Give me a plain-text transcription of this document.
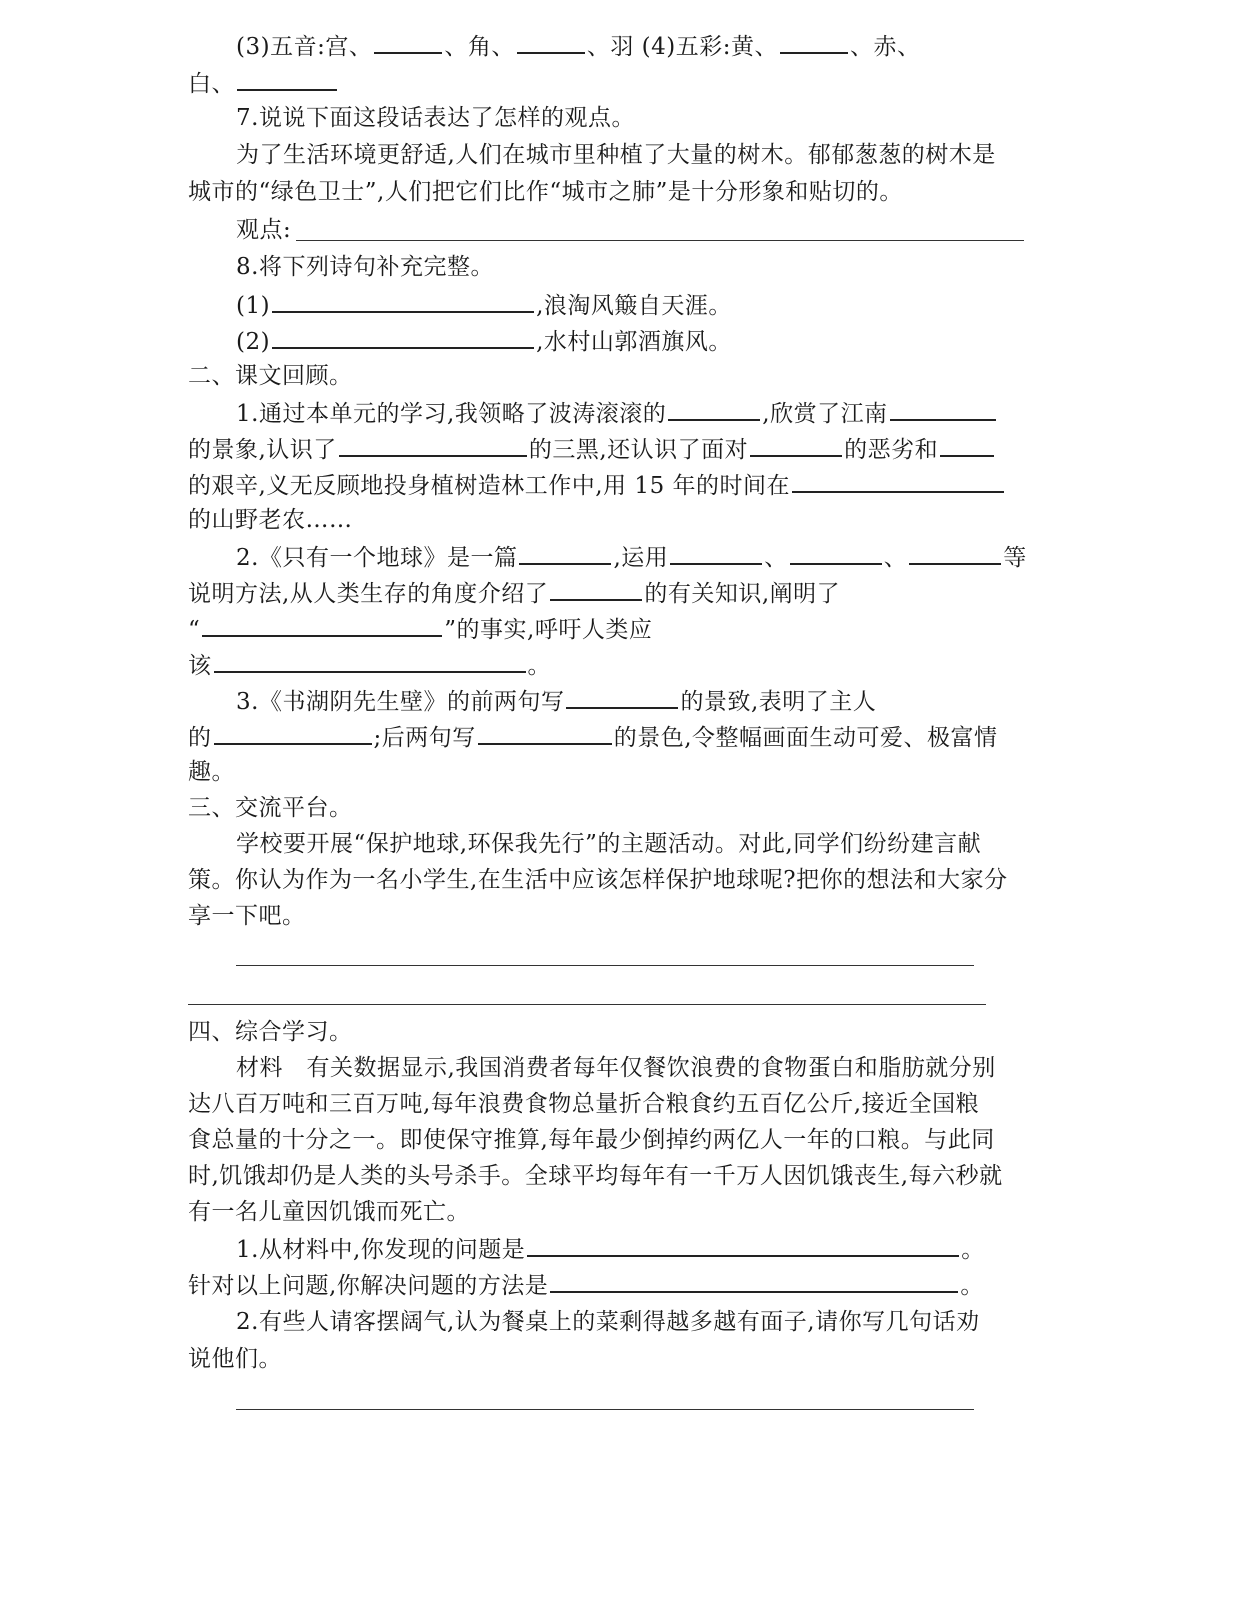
(3)五音:宫、	、角、	、羽 (4)五彩:黄、	、赤、
白、
7.说说下面这段话表达了怎样的观点。
为了生活环境更舒适,人们在城市里种植了大量的树木。郁郁葱葱的树木是
城市的“绿色卫士”,人们把它们比作“城市之肺”是十分形象和贴切的。
观点:
8.将下列诗句补充完整。
(1)	,浪淘风簸自天涯。
(2)	,水村山郭酒旗风。
二、课文回顾。
1.通过本单元的学习,我领略了波涛滚滚的	,欣赏了江南
的景象,认识了	的三黑,还认识了面对	的恶劣和
的艰辛,义无反顾地投身植树造林工作中,用 15 年的时间在
的山野老农……
2.《只有一个地球》是一篇	,运用	、	、	等
说明方法,从人类生存的角度介绍了	的有关知识,阐明了
“	”的事实,呼吁人类应
该	。
3.《书湖阴先生壁》的前两句写	的景致,表明了主人
的	;后两句写	的景色,令整幅画面生动可爱、极富情
趣。
三、交流平台。
学校要开展“保护地球,环保我先行”的主题活动。对此,同学们纷纷建言献
策。你认为作为一名小学生,在生活中应该怎样保护地球呢?把你的想法和大家分
享一下吧。
四、综合学习。
材料　有关数据显示,我国消费者每年仅餐饮浪费的食物蛋白和脂肪就分别
达八百万吨和三百万吨,每年浪费食物总量折合粮食约五百亿公斤,接近全国粮
食总量的十分之一。即使保守推算,每年最少倒掉约两亿人一年的口粮。与此同
时,饥饿却仍是人类的头号杀手。全球平均每年有一千万人因饥饿丧生,每六秒就
有一名儿童因饥饿而死亡。
1.从材料中,你发现的问题是	。
针对以上问题,你解决问题的方法是	。
2.有些人请客摆阔气,认为餐桌上的菜剩得越多越有面子,请你写几句话劝
说他们。
